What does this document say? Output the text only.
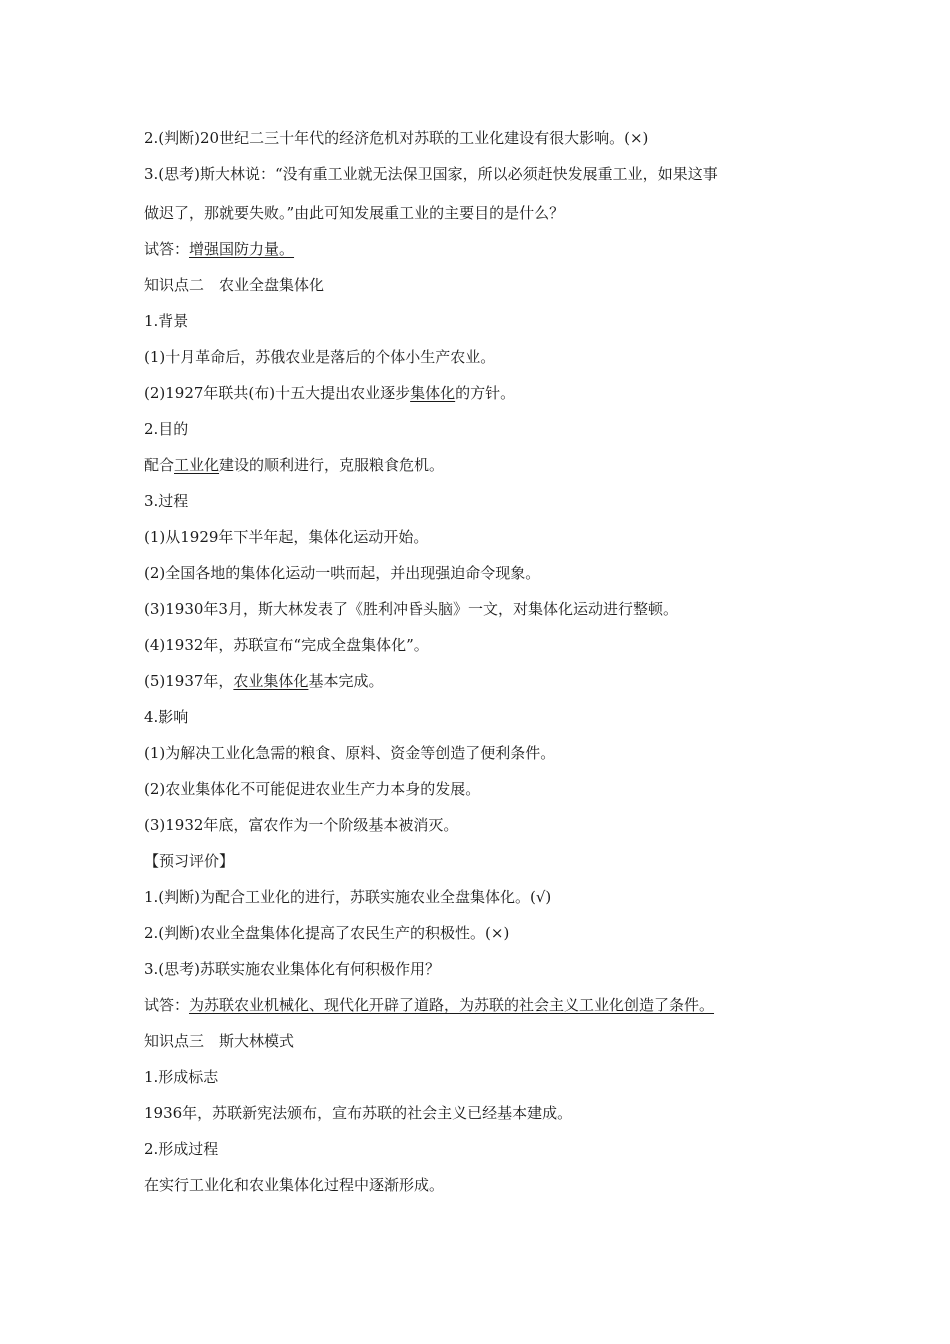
2.(判断)20世纪二三十年代的经济危机对苏联的工业化建设有很大影响。(×)
3.(思考)斯大林说：“没有重工业就无法保卫国家，所以必须赶快发展重工业，如果这事
做迟了，那就要失败。”由此可知发展重工业的主要目的是什么？
试答：增强国防力量。
知识点二　农业全盘集体化
1.背景
(1)十月革命后，苏俄农业是落后的个体小生产农业。
(2)1927年联共(布)十五大提出农业逐步集体化的方针。
2.目的
配合工业化建设的顺利进行，克服粮食危机。
3.过程
(1)从1929年下半年起，集体化运动开始。
(2)全国各地的集体化运动一哄而起，并出现强迫命令现象。
(3)1930年3月，斯大林发表了《胜利冲昏头脑》一文，对集体化运动进行整顿。
(4)1932年，苏联宣布“完成全盘集体化”。
(5)1937年，农业集体化基本完成。
4.影响
(1)为解决工业化急需的粮食、原料、资金等创造了便利条件。
(2)农业集体化不可能促进农业生产力本身的发展。
(3)1932年底，富农作为一个阶级基本被消灭。
【预习评价】
1.(判断)为配合工业化的进行，苏联实施农业全盘集体化。(√)
2.(判断)农业全盘集体化提高了农民生产的积极性。(×)
3.(思考)苏联实施农业集体化有何积极作用？
试答：为苏联农业机械化、现代化开辟了道路，为苏联的社会主义工业化创造了条件。
知识点三　斯大林模式
1.形成标志
1936年，苏联新宪法颁布，宣布苏联的社会主义已经基本建成。
2.形成过程
在实行工业化和农业集体化过程中逐渐形成。
